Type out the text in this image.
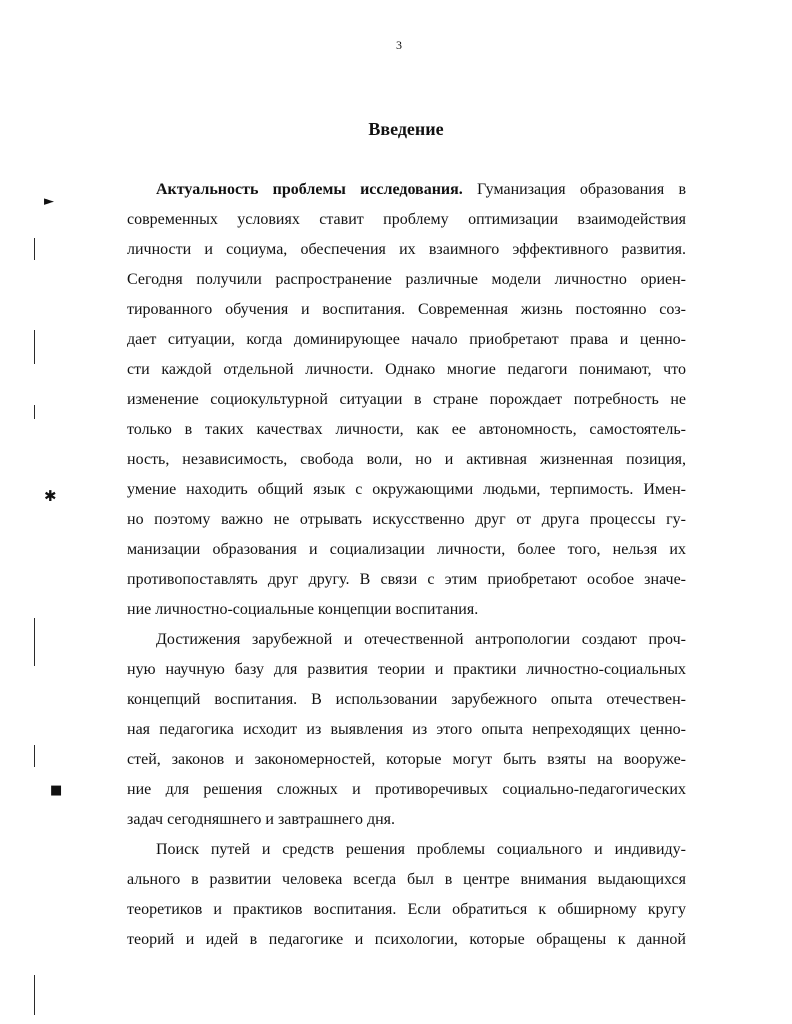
3
Введение
Актуальность проблемы исследования. Гуманизация образования в
современных условиях ставит проблему оптимизации взаимодействия
личности и социума, обеспечения их взаимного эффективного развития.
Сегодня получили распространение различные модели личностно ориен-
тированного обучения и воспитания. Современная жизнь постоянно соз-
дает ситуации, когда доминирующее начало приобретают права и ценно-
сти каждой отдельной личности. Однако многие педагоги понимают, что
изменение социокультурной ситуации в стране порождает потребность не
только в таких качествах личности, как ее автономность, самостоятель-
ность, независимость, свобода воли, но и активная жизненная позиция,
умение находить общий язык с окружающими людьми, терпимость. Имен-
но поэтому важно не отрывать искусственно друг от друга процессы гу-
манизации образования и социализации личности, более того, нельзя их
противопоставлять друг другу. В связи с этим приобретают особое значе-
ние личностно-социальные концепции воспитания.
Достижения зарубежной и отечественной антропологии создают проч-
ную научную базу для развития теории и практики личностно-социальных
концепций воспитания. В использовании зарубежного опыта отечествен-
ная педагогика исходит из выявления из этого опыта непреходящих ценно-
стей, законов и закономерностей, которые могут быть взяты на вооруже-
ние для решения сложных и противоречивых социально-педагогических
задач сегодняшнего и завтрашнего дня.
Поиск путей и средств решения проблемы социального и индивиду-
ального в развитии человека всегда был в центре внимания выдающихся
теоретиков и практиков воспитания. Если обратиться к обширному кругу
теорий и идей в педагогике и психологии, которые обращены к данной
►
✱
■
